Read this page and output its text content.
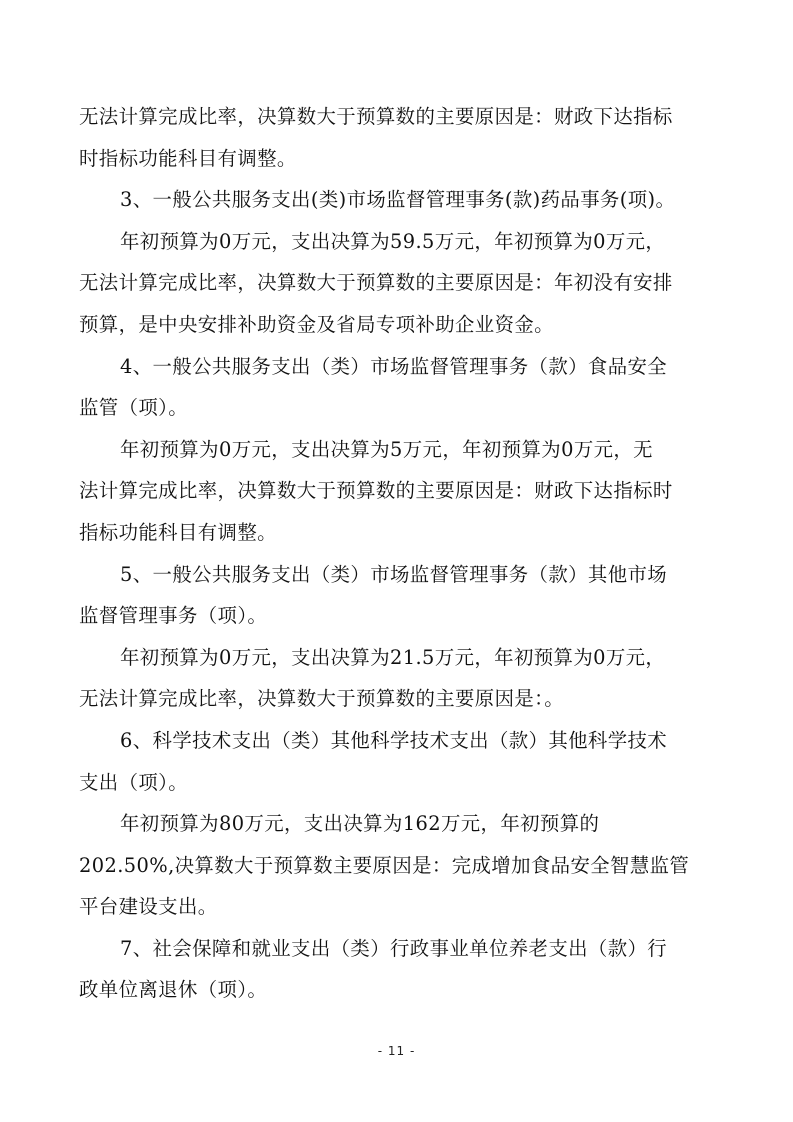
无法计算完成比率，决算数大于预算数的主要原因是：财政下达指标
时指标功能科目有调整。
3、一般公共服务支出(类)市场监督管理事务(款)药品事务(项)。
年初预算为0万元，支出决算为59.5万元，年初预算为0万元，
无法计算完成比率，决算数大于预算数的主要原因是：年初没有安排
预算，是中央安排补助资金及省局专项补助企业资金。
4、一般公共服务支出（类）市场监督管理事务（款）食品安全
监管（项）。
年初预算为0万元，支出决算为5万元，年初预算为0万元，无
法计算完成比率，决算数大于预算数的主要原因是：财政下达指标时
指标功能科目有调整。
5、一般公共服务支出（类）市场监督管理事务（款）其他市场
监督管理事务（项）。
年初预算为0万元，支出决算为21.5万元，年初预算为0万元，
无法计算完成比率，决算数大于预算数的主要原因是：。
6、科学技术支出（类）其他科学技术支出（款）其他科学技术
支出（项）。
年初预算为80万元，支出决算为162万元，年初预算的
202.50%,决算数大于预算数主要原因是：完成增加食品安全智慧监管
平台建设支出。
7、社会保障和就业支出（类）行政事业单位养老支出（款）行
政单位离退休（项）。
- 11 -
